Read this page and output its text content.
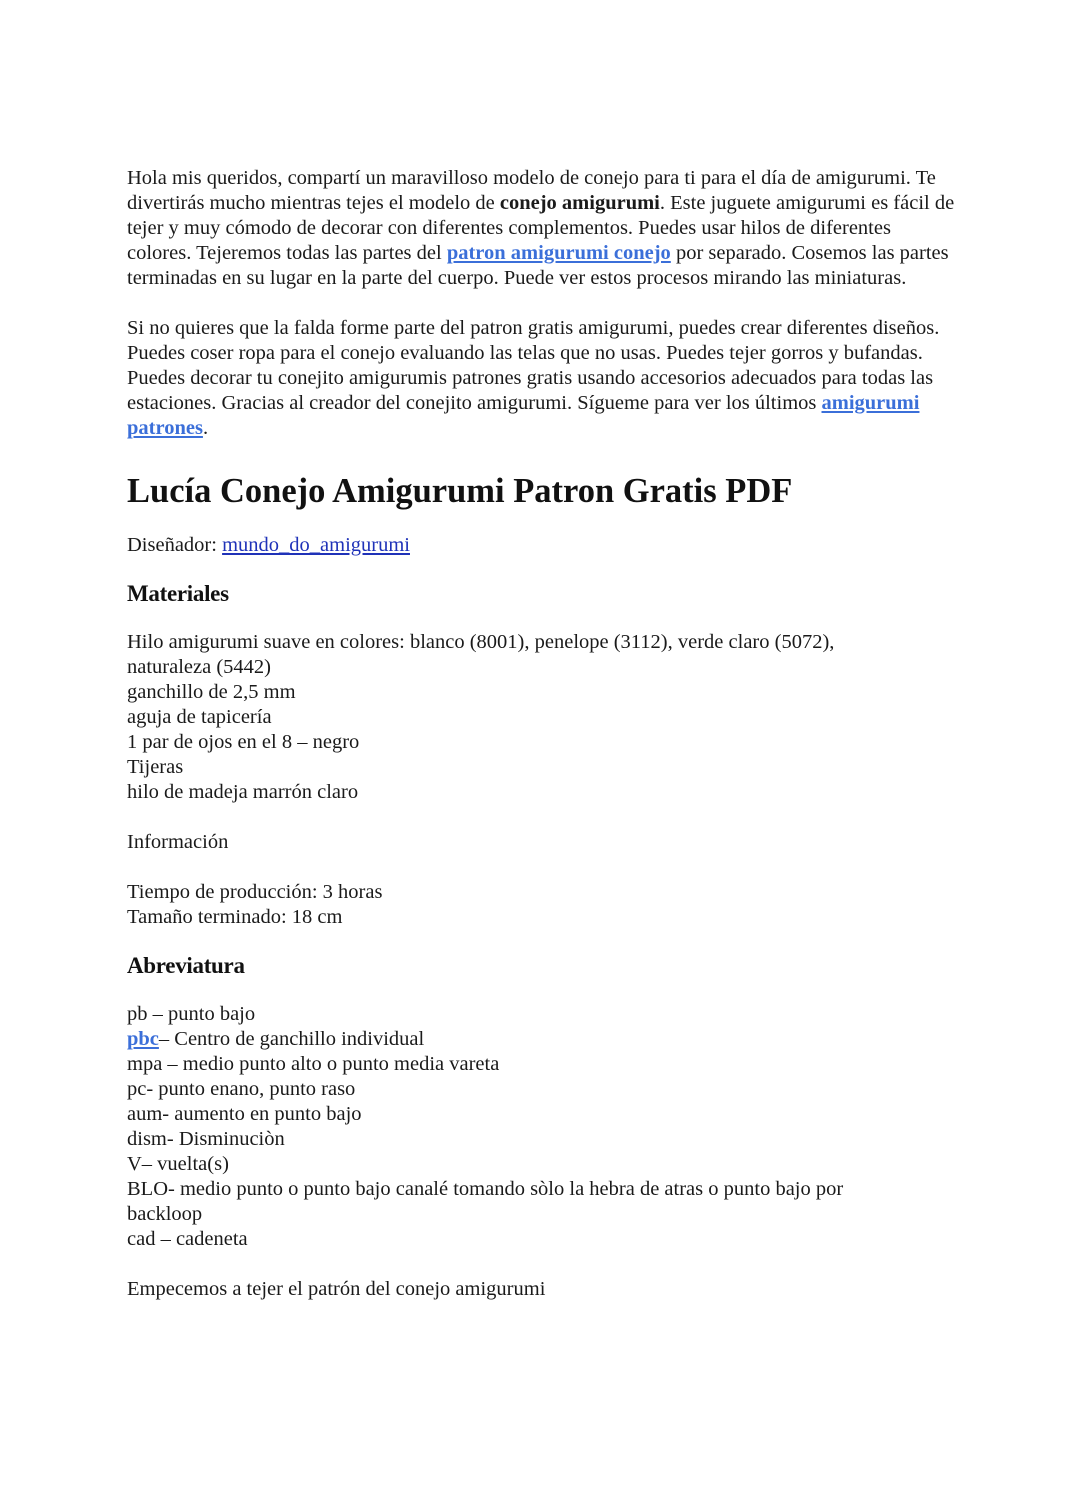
Hola mis queridos, compartí un maravilloso modelo de conejo para ti para el día de amigurumi. Te divertirás mucho mientras tejes el modelo de conejo amigurumi. Este juguete amigurumi es fácil de tejer y muy cómodo de decorar con diferentes complementos. Puedes usar hilos de diferentes colores. Tejeremos todas las partes del patron amigurumi conejo por separado. Cosemos las partes terminadas en su lugar en la parte del cuerpo. Puede ver estos procesos mirando las miniaturas.

Si no quieres que la falda forme parte del patron gratis amigurumi, puedes crear diferentes diseños. Puedes coser ropa para el conejo evaluando las telas que no usas. Puedes tejer gorros y bufandas. Puedes decorar tu conejito amigurumis patrones gratis usando accesorios adecuados para todas las estaciones. Gracias al creador del conejito amigurumi. Sígueme para ver los últimos amigurumi patrones.

Lucía Conejo Amigurumi Patron Gratis PDF

Diseñador: mundo_do_amigurumi

Materiales
Hilo amigurumi suave en colores: blanco (8001), penelope (3112), verde claro (5072),
naturaleza (5442)
ganchillo de 2,5 mm
aguja de tapicería
1 par de ojos en el 8 – negro
Tijeras
hilo de madeja marrón claro
Información
Tiempo de producción: 3 horas
Tamaño terminado: 18 cm
Abreviatura
pb – punto bajo
pbc– Centro de ganchillo individual
mpa – medio punto alto o punto media vareta
pc- punto enano, punto raso
aum- aumento en punto bajo
dism- Disminuciòn
V– vuelta(s)
BLO- medio punto o punto bajo canalé tomando sòlo la hebra de atras o punto bajo por
backloop
cad – cadeneta
Empecemos a tejer el patrón del conejo amigurumi
